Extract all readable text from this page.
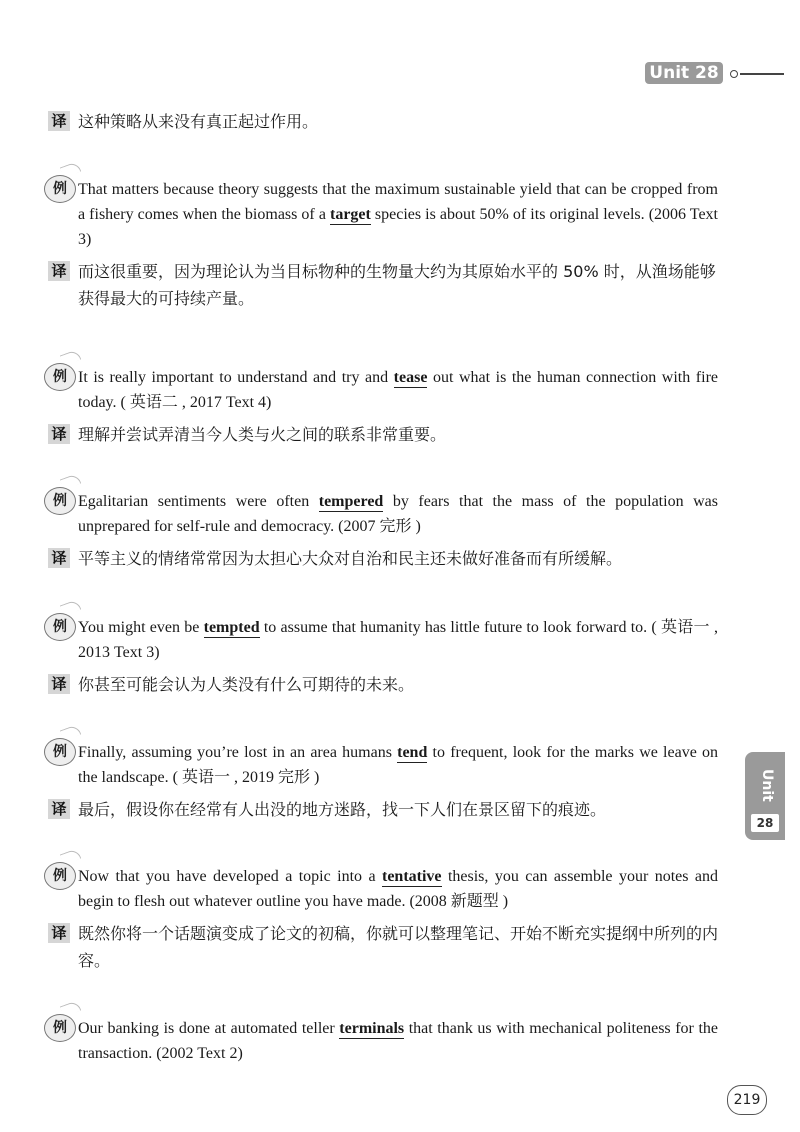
Unit 28
Unit
28
译 这种策略从来没有真正起过作用。
例 That matters because theory suggests that the maximum sustainable yield that can be cropped from a fishery comes when the biomass of a target species is about 50% of its original levels. (2006 Text 3)
译 而这很重要，因为理论认为当目标物种的生物量大约为其原始水平的 50% 时，从渔场能够获得最大的可持续产量。
例 It is really important to understand and try and tease out what is the human connection with fire today. ( 英语二 , 2017 Text 4)
译 理解并尝试弄清当今人类与火之间的联系非常重要。
例 Egalitarian sentiments were often tempered by fears that the mass of the population was unprepared for self-rule and democracy. (2007 完形 )
译 平等主义的情绪常常因为太担心大众对自治和民主还未做好准备而有所缓解。
例 You might even be tempted to assume that humanity has little future to look forward to. ( 英语一 , 2013 Text 3)
译 你甚至可能会认为人类没有什么可期待的未来。
例 Finally, assuming you’re lost in an area humans tend to frequent, look for the marks we leave on the landscape. ( 英语一 , 2019 完形 )
译 最后，假设你在经常有人出没的地方迷路，找一下人们在景区留下的痕迹。
例 Now that you have developed a topic into a tentative thesis, you can assemble your notes and begin to flesh out whatever outline you have made. (2008 新题型 )
译 既然你将一个话题演变成了论文的初稿，你就可以整理笔记、开始不断充实提纲中所列的内容。
例 Our banking is done at automated teller terminals that thank us with mechanical politeness for the transaction. (2002 Text 2)
219
